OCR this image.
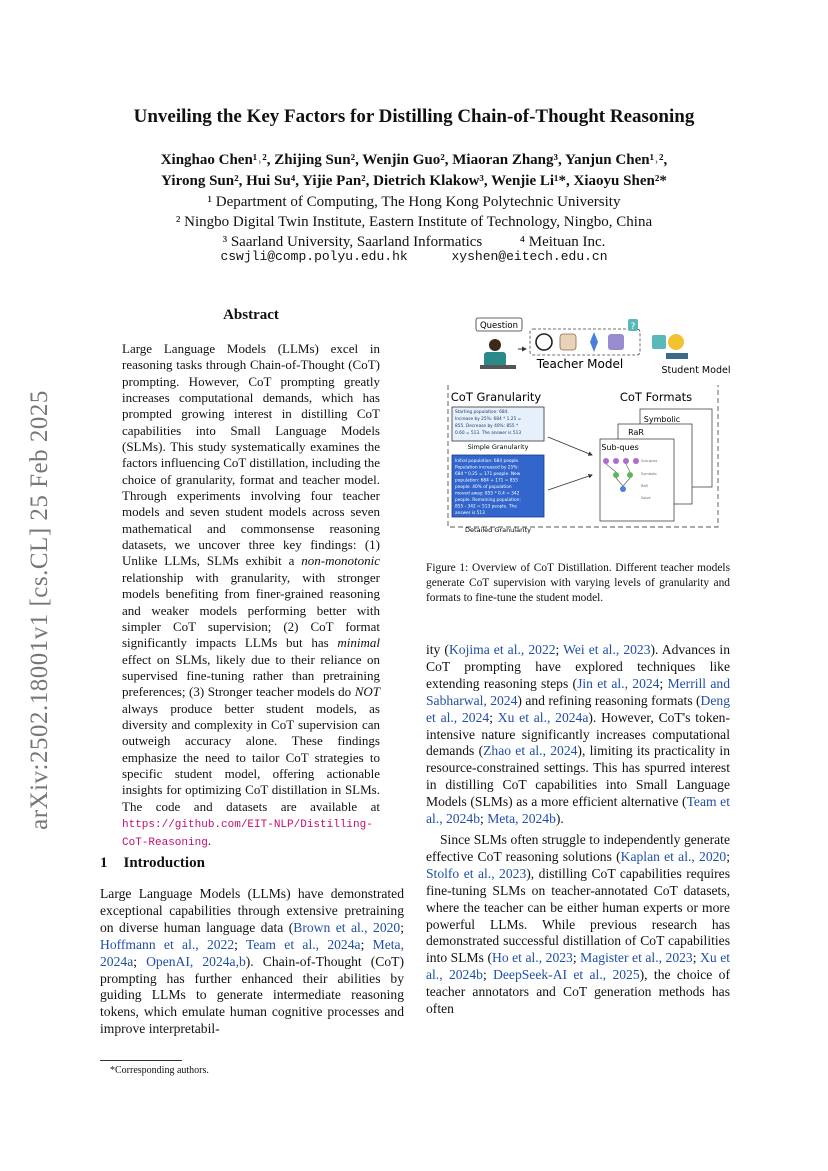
arXiv:2502.18001v1 [cs.CL] 25 Feb 2025
Unveiling the Key Factors for Distilling Chain-of-Thought Reasoning
Xinghao Chen¹˒², Zhijing Sun², Wenjin Guo², Miaoran Zhang³, Yanjun Chen¹˒²,
Yirong Sun², Hui Su⁴, Yijie Pan², Dietrich Klakow³, Wenjie Li¹*, Xiaoyu Shen²*
¹ Department of Computing, The Hong Kong Polytechnic University
² Ningbo Digital Twin Institute, Eastern Institute of Technology, Ningbo, China
³ Saarland University, Saarland Informatics          ⁴ Meituan Inc.
cswjli@comp.polyu.edu.hk	xyshen@eitech.edu.cn
Abstract
Large Language Models (LLMs) excel in reasoning tasks through Chain-of-Thought (CoT) prompting. However, CoT prompting greatly increases computational demands, which has prompted growing interest in distilling CoT capabilities into Small Language Models (SLMs). This study systematically examines the factors influencing CoT distillation, including the choice of granularity, format and teacher model. Through experiments involving four teacher models and seven student models across seven mathematical and commonsense reasoning datasets, we uncover three key findings: (1) Unlike LLMs, SLMs exhibit a non-monotonic relationship with granularity, with stronger models benefiting from finer-grained reasoning and weaker models performing better with simpler CoT supervision; (2) CoT format significantly impacts LLMs but has minimal effect on SLMs, likely due to their reliance on supervised fine-tuning rather than pretraining preferences; (3) Stronger teacher models do NOT always produce better student models, as diversity and complexity in CoT supervision can outweigh accuracy alone. These findings emphasize the need to tailor CoT strategies to specific student model, offering actionable insights for optimizing CoT distillation in SLMs. The code and datasets are available at https://github.com/EIT-NLP/Distilling-CoT-Reasoning.
1 Introduction
Large Language Models (LLMs) have demonstrated exceptional capabilities through extensive pretraining on diverse human language data (Brown et al., 2020; Hoffmann et al., 2022; Team et al., 2024a; Meta, 2024a; OpenAI, 2024a,b). Chain-of-Thought (CoT) prompting has further enhanced their abilities by guiding LLMs to generate intermediate reasoning tokens, which emulate human cognitive processes and improve interpretabil-
*Corresponding authors.
Question	?
Teacher Model	Student Model
CoT Granularity	CoT Formats
Starting population: 684. Increase by 25%: 684 * 1.25 = 855. Decrease by 40%: 855 * 0.60 = 513. The answer is 513
Simple Granularity
Initial population: 684 people. Population increased by 25%: 684 * 0.25 = 171 people. New population: 684 + 171 = 855 people. 40% of population moved away: 855 * 0.4 = 342 people. Remaining population: 855 - 342 = 513 people. The answer is 513
Detailed Granularity
Symbolic
RaR
Sub-ques
Sub-ques Symbolic RaR Solve
Figure 1: Overview of CoT Distillation. Different teacher models generate CoT supervision with varying levels of granularity and formats to fine-tune the student model.

ity (Kojima et al., 2022; Wei et al., 2023). Advances in CoT prompting have explored techniques like extending reasoning steps (Jin et al., 2024; Merrill and Sabharwal, 2024) and refining reasoning formats (Deng et al., 2024; Xu et al., 2024a). However, CoT's token-intensive nature significantly increases computational demands (Zhao et al., 2024), limiting its practicality in resource-constrained settings. This has spurred interest in distilling CoT capabilities into Small Language Models (SLMs) as a more efficient alternative (Team et al., 2024b; Meta, 2024b).

Since SLMs often struggle to independently generate effective CoT reasoning solutions (Kaplan et al., 2020; Stolfo et al., 2023), distilling CoT capabilities requires fine-tuning SLMs on teacher-annotated CoT datasets, where the teacher can be either human experts or more powerful LLMs. While previous research has demonstrated successful distillation of CoT capabilities into SLMs (Ho et al., 2023; Magister et al., 2023; Xu et al., 2024b; DeepSeek-AI et al., 2025), the choice of teacher annotators and CoT generation methods has often
